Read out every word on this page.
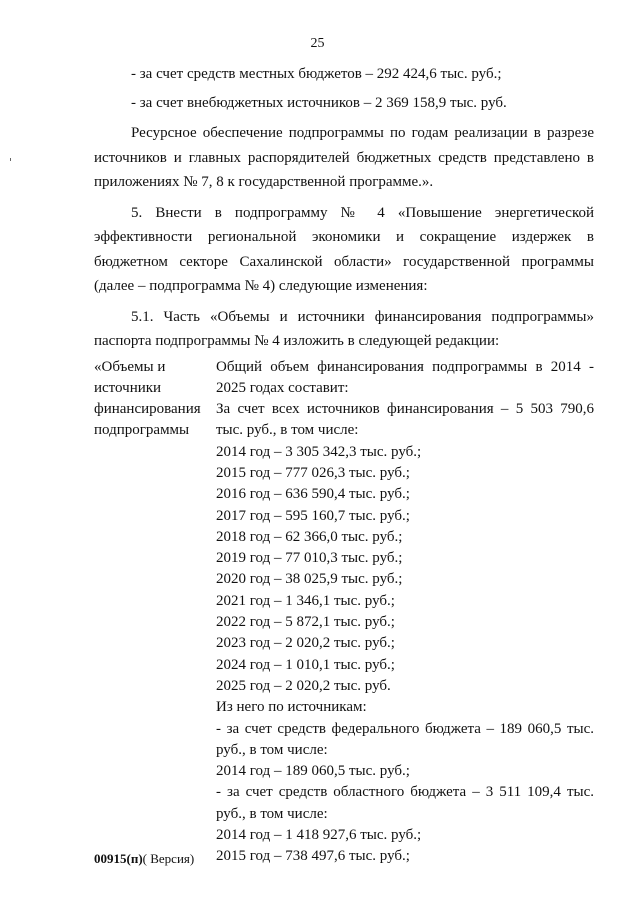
25

- за счет средств местных бюджетов – 292 424,6 тыс. руб.;

- за счет внебюджетных источников – 2 369 158,9 тыс. руб.

Ресурсное обеспечение подпрограммы по годам реализации в разрезе источников и главных распорядителей бюджетных средств представлено в приложениях № 7, 8 к государственной программе.».

5. Внести в подпрограмму № 4 «Повышение энергетической эффективности региональной экономики и сокращение издержек в бюджетном секторе Сахалинской области» государственной программы (далее – подпрограмма № 4) следующие изменения:

5.1. Часть «Объемы и источники финансирования подпрограммы» паспорта подпрограммы № 4 изложить в следующей редакции:

«Объемы и
источники
финансирования
подпрограммы
Общий объем финансирования подпрограммы в 2014 - 2025 годах составит:
За счет всех источников финансирования – 5 503 790,6 тыс. руб., в том числе:
2014 год – 3 305 342,3 тыс. руб.;
2015 год – 777 026,3 тыс. руб.;
2016 год – 636 590,4 тыс. руб.;
2017 год – 595 160,7 тыс. руб.;
2018 год – 62 366,0 тыс. руб.;
2019 год – 77 010,3 тыс. руб.;
2020 год – 38 025,9 тыс. руб.;
2021 год – 1 346,1 тыс. руб.;
2022 год – 5 872,1 тыс. руб.;
2023 год – 2 020,2 тыс. руб.;
2024 год – 1 010,1 тыс. руб.;
2025 год – 2 020,2 тыс. руб.
Из него по источникам:
- за счет средств федерального бюджета – 189 060,5 тыс. руб., в том числе:
2014 год – 189 060,5 тыс. руб.;
- за счет средств областного бюджета – 3 511 109,4 тыс. руб., в том числе:
2014 год – 1 418 927,6 тыс. руб.;
2015 год – 738 497,6 тыс. руб.;
00915(п)( Версия)
